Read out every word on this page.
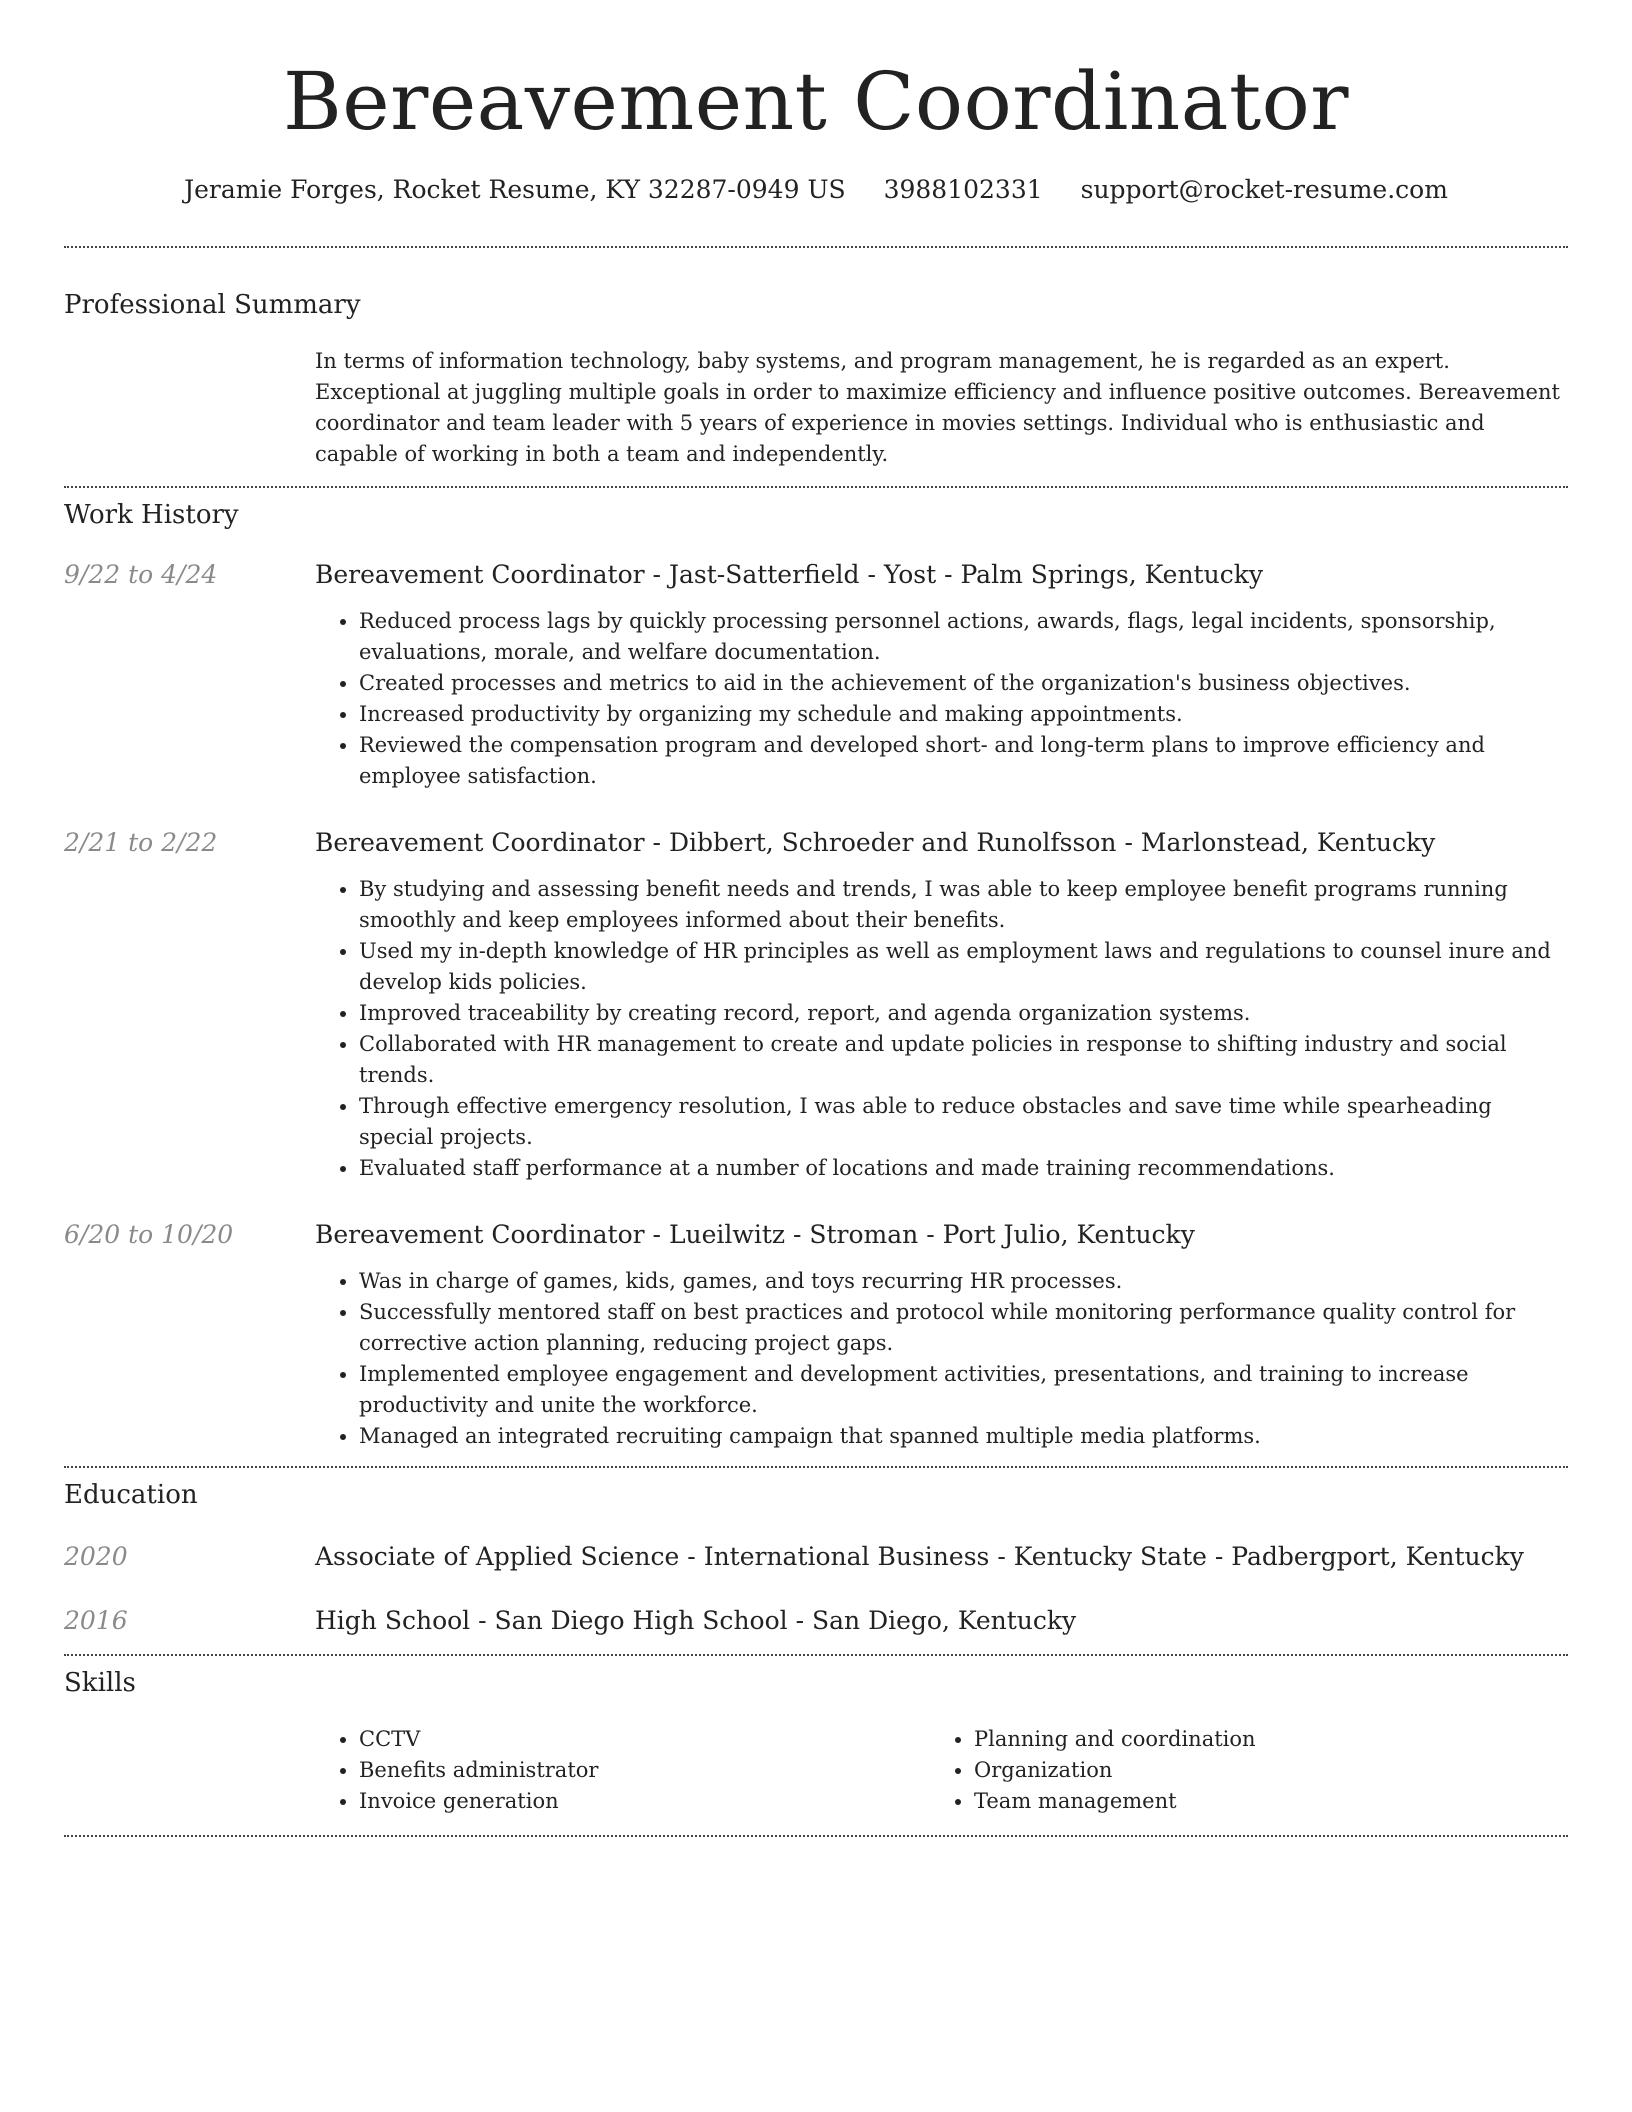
Bereavement Coordinator
Jeramie Forges, Rocket Resume, KY 32287-0949 US 3988102331 support@rocket-resume.com
Professional Summary
In terms of information technology, baby systems, and program management, he is regarded as an expert. Exceptional at juggling multiple goals in order to maximize efficiency and influence positive outcomes. Bereavement coordinator and team leader with 5 years of experience in movies settings. Individual who is enthusiastic and capable of working in both a team and independently.
Work History
9/22 to 4/24	Bereavement Coordinator - Jast-Satterfield - Yost - Palm Springs, Kentucky
• Reduced process lags by quickly processing personnel actions, awards, flags, legal incidents, sponsorship, evaluations, morale, and welfare documentation.
• Created processes and metrics to aid in the achievement of the organization's business objectives.
• Increased productivity by organizing my schedule and making appointments.
• Reviewed the compensation program and developed short- and long-term plans to improve efficiency and employee satisfaction.
2/21 to 2/22	Bereavement Coordinator - Dibbert, Schroeder and Runolfsson - Marlonstead, Kentucky
• By studying and assessing benefit needs and trends, I was able to keep employee benefit programs running smoothly and keep employees informed about their benefits.
• Used my in-depth knowledge of HR principles as well as employment laws and regulations to counsel inure and develop kids policies.
• Improved traceability by creating record, report, and agenda organization systems.
• Collaborated with HR management to create and update policies in response to shifting industry and social trends.
• Through effective emergency resolution, I was able to reduce obstacles and save time while spearheading special projects.
• Evaluated staff performance at a number of locations and made training recommendations.
6/20 to 10/20	Bereavement Coordinator - Lueilwitz - Stroman - Port Julio, Kentucky
• Was in charge of games, kids, games, and toys recurring HR processes.
• Successfully mentored staff on best practices and protocol while monitoring performance quality control for corrective action planning, reducing project gaps.
• Implemented employee engagement and development activities, presentations, and training to increase productivity and unite the workforce.
• Managed an integrated recruiting campaign that spanned multiple media platforms.
Education
2020	Associate of Applied Science - International Business - Kentucky State - Padbergport, Kentucky
2016	High School - San Diego High School - San Diego, Kentucky
Skills
• CCTV
• Benefits administrator
• Invoice generation
• Planning and coordination
• Organization
• Team management
